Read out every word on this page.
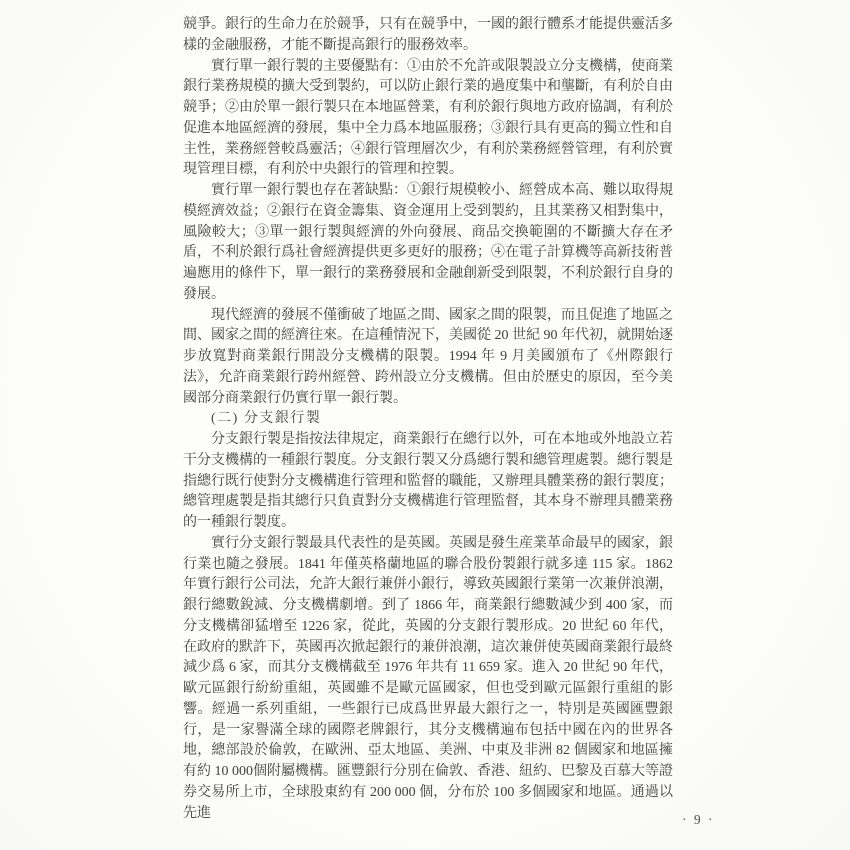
競爭。銀行的生命力在於競爭，只有在競爭中，一國的銀行體系才能提供靈活多樣的金融服務，才能不斷提高銀行的服務效率。

實行單一銀行製的主要優點有：①由於不允許或限製設立分支機構，使商業銀行業務規模的擴大受到製約，可以防止銀行業的過度集中和壟斷，有利於自由競爭；②由於單一銀行製只在本地區營業，有利於銀行與地方政府協調，有利於促進本地區經濟的發展，集中全力爲本地區服務；③銀行具有更高的獨立性和自主性，業務經營較爲靈活；④銀行管理層次少，有利於業務經營管理，有利於實現管理目標，有利於中央銀行的管理和控製。

實行單一銀行製也存在著缺點：①銀行規模較小、經營成本高、難以取得規模經濟效益；②銀行在資金籌集、資金運用上受到製約，且其業務又相對集中，風險較大；③單一銀行製與經濟的外向發展、商品交換範圍的不斷擴大存在矛盾，不利於銀行爲社會經濟提供更多更好的服務；④在電子計算機等高新技術普遍應用的條件下，單一銀行的業務發展和金融創新受到限製，不利於銀行自身的發展。

現代經濟的發展不僅衝破了地區之間、國家之間的限製，而且促進了地區之間、國家之間的經濟往來。在這種情況下，美國從 20 世紀 90 年代初，就開始逐步放寬對商業銀行開設分支機構的限製。1994 年 9 月美國頒布了《州際銀行法》，允許商業銀行跨州經營、跨州設立分支機構。但由於歷史的原因，至今美國部分商業銀行仍實行單一銀行製。

(二) 分支銀行製

分支銀行製是指按法律規定，商業銀行在總行以外，可在本地或外地設立若干分支機構的一種銀行製度。分支銀行製又分爲總行製和總管理處製。總行製是指總行既行使對分支機構進行管理和監督的職能，又辦理具體業務的銀行製度；總管理處製是指其總行只負責對分支機構進行管理監督，其本身不辦理具體業務的一種銀行製度。

實行分支銀行製最具代表性的是英國。英國是發生産業革命最早的國家，銀行業也隨之發展。1841 年僅英格蘭地區的聯合股份製銀行就多達 115 家。1862 年實行銀行公司法，允許大銀行兼併小銀行，導致英國銀行業第一次兼併浪潮，銀行總數銳減、分支機構劇增。到了 1866 年，商業銀行總數減少到 400 家，而分支機構卻猛增至 1226 家，從此，英國的分支銀行製形成。20 世紀 60 年代，在政府的默許下，英國再次掀起銀行的兼併浪潮，這次兼併使英國商業銀行最終減少爲 6 家，而其分支機構截至 1976 年共有 11 659 家。進入 20 世紀 90 年代，歐元區銀行紛紛重組，英國雖不是歐元區國家，但也受到歐元區銀行重組的影響。經過一系列重組，一些銀行已成爲世界最大銀行之一，特別是英國匯豐銀行，是一家譽滿全球的國際老牌銀行，其分支機構遍布包括中國在內的世界各地，總部設於倫敦，在歐洲、亞太地區、美洲、中東及非洲 82 個國家和地區擁有約 10 000個附屬機構。匯豐銀行分別在倫敦、香港、紐約、巴黎及百慕大等證券交易所上市，全球股東約有 200 000 個，分布於 100 多個國家和地區。通過以先進	· 9 ·
